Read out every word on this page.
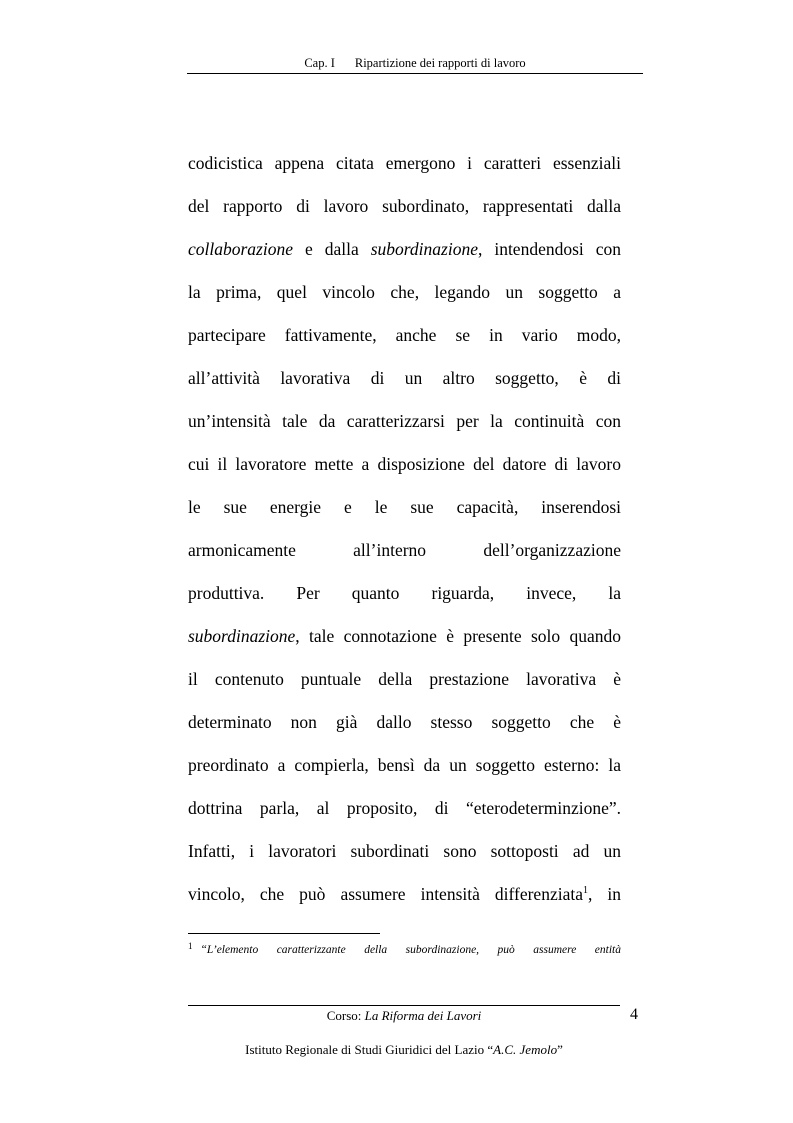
Cap. I Ripartizione dei rapporti di lavoro
codicistica appena citata emergono i caratteri essenziali
del rapporto di lavoro subordinato, rappresentati dalla
collaborazione e dalla subordinazione, intendendosi con
la prima, quel vincolo che, legando un soggetto a
partecipare fattivamente, anche se in vario modo,
all’attività lavorativa di un altro soggetto, è di
un’intensità tale da caratterizzarsi per la continuità con
cui il lavoratore mette a disposizione del datore di lavoro
le sue energie e le sue capacità, inserendosi
armonicamente all’interno dell’organizzazione
produttiva. Per quanto riguarda, invece, la
subordinazione, tale connotazione è presente solo quando
il contenuto puntuale della prestazione lavorativa è
determinato non già dallo stesso soggetto che è
preordinato a compierla, bensì da un soggetto esterno: la
dottrina parla, al proposito, di “eterodeterminzione”.
Infatti, i lavoratori subordinati sono sottoposti ad un
vincolo, che può assumere intensità differenziata$^1$, in
$^1$ “L’elemento caratterizzante della subordinazione, può assumere entità
Corso: La Riforma dei Lavori	4
Istituto Regionale di Studi Giuridici del Lazio “A.C. Jemolo”
